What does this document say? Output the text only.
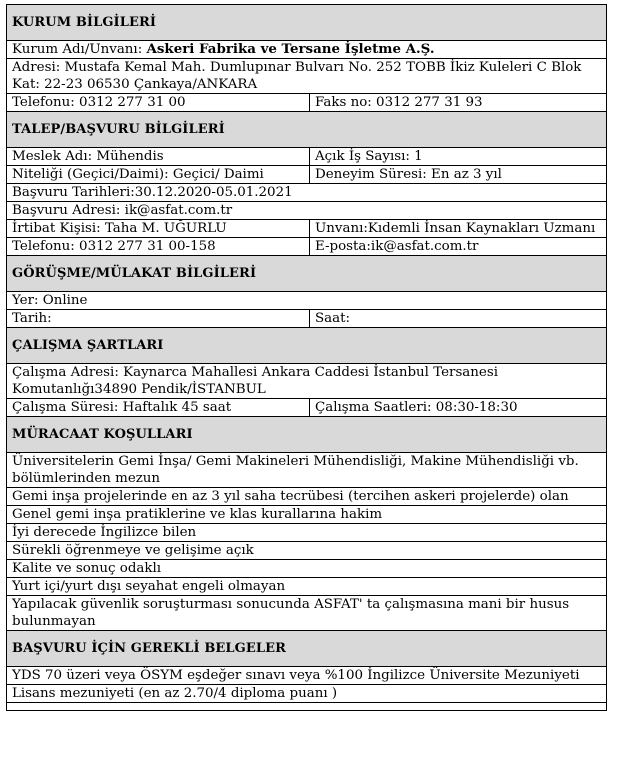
KURUM BİLGİLERİ	
Kurum Adı/Unvanı: Askeri Fabrika ve Tersane İşletme A.Ş.	
Adresi: Mustafa Kemal Mah. Dumlupınar Bulvarı No. 252 TOBB İkiz Kuleleri C Blok Kat: 22-23 06530 Çankaya/ANKARA	
Telefonu: 0312 277 31 00	Faks no: 0312 277 31 93
TALEP/BAŞVURU BİLGİLERİ	
Meslek Adı: Mühendis	Açık İş Sayısı: 1
Niteliği (Geçici/Daimi): Geçici/ Daimi	Deneyim Süresi: En az 3 yıl
Başvuru Tarihleri:30.12.2020-05.01.2021	
Başvuru Adresi: ik@asfat.com.tr	
İrtibat Kişisi: Taha M. UĞURLU	Unvanı:Kıdemli İnsan Kaynakları Uzmanı
Telefonu: 0312 277 31 00-158	E-posta:ik@asfat.com.tr
GÖRÜŞME/MÜLAKAT BİLGİLERİ	
Yer: Online	
Tarih:	Saat:
ÇALIŞMA ŞARTLARI	
Çalışma Adresi: Kaynarca Mahallesi Ankara Caddesi İstanbul Tersanesi Komutanlığı34890 Pendik/İSTANBUL	
Çalışma Süresi: Haftalık 45 saat	Çalışma Saatleri: 08:30-18:30
MÜRACAAT KOŞULLARI	
Üniversitelerin Gemi İnşa/ Gemi Makineleri Mühendisliği, Makine Mühendisliği vb. bölümlerinden mezun	
Gemi inşa projelerinde en az 3 yıl saha tecrübesi (tercihen askeri projelerde) olan	
Genel gemi inşa pratiklerine ve klas kurallarına hakim	
İyi derecede İngilizce bilen	
Sürekli öğrenmeye ve gelişime açık	
Kalite ve sonuç odaklı	
Yurt içi/yurt dışı seyahat engeli olmayan	
Yapılacak güvenlik soruşturması sonucunda ASFAT' ta çalışmasına mani bir husus bulunmayan	
BAŞVURU İÇİN GEREKLİ BELGELER	
YDS 70 üzeri veya ÖSYM eşdeğer sınavı veya %100 İngilizce Üniversite Mezuniyeti	
Lisans mezuniyeti (en az 2.70/4 diploma puanı )	
